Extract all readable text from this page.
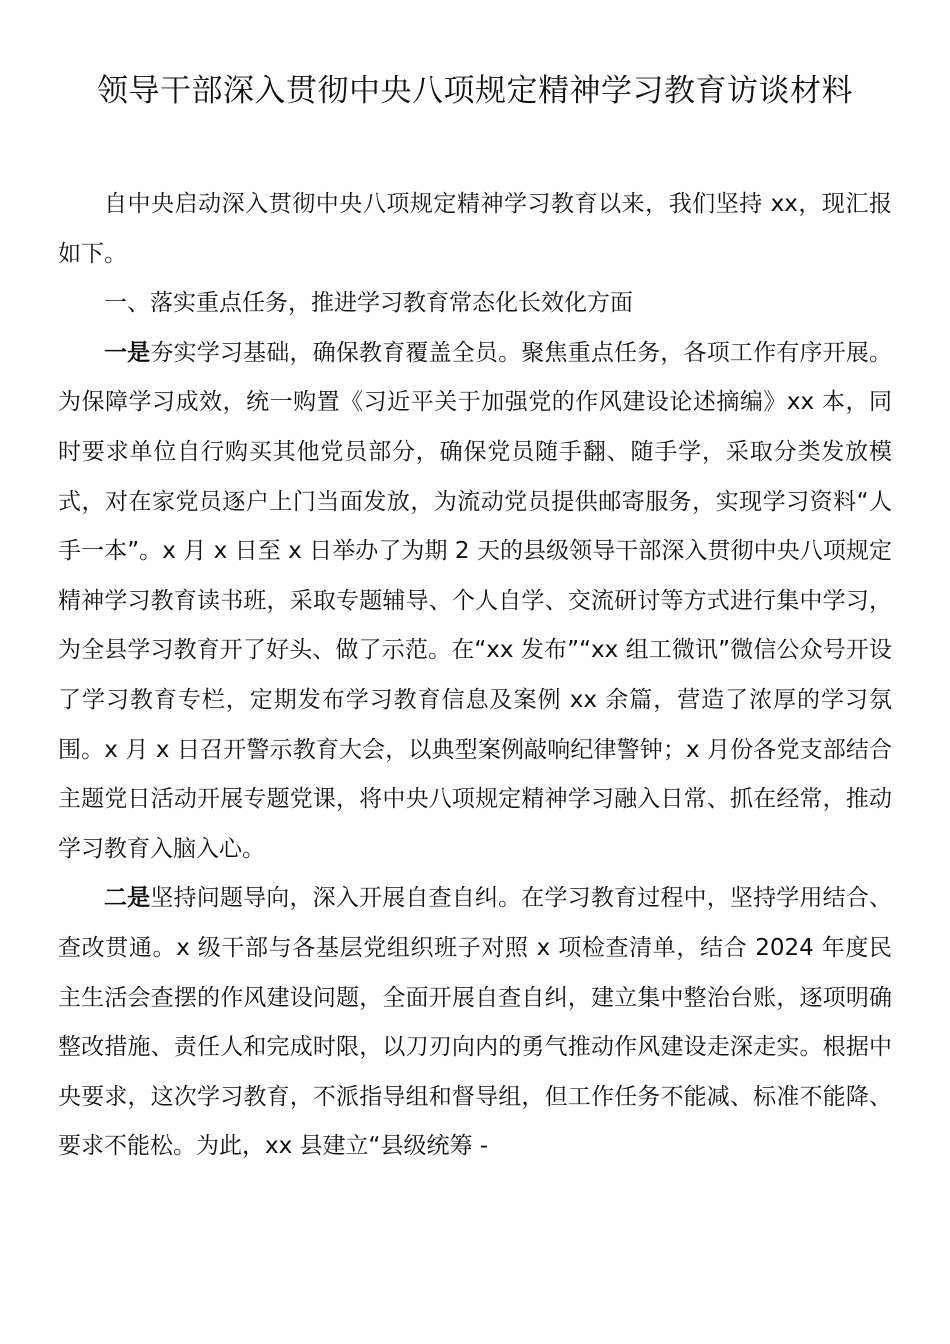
领导干部深入贯彻中央八项规定精神学习教育访谈材料

自中央启动深入贯彻中央八项规定精神学习教育以来，我们坚持 xx，现汇报如下。

一、落实重点任务，推进学习教育常态化长效化方面

一是夯实学习基础，确保教育覆盖全员。聚焦重点任务，各项工作有序开展。为保障学习成效，统一购置《习近平关于加强党的作风建设论述摘编》xx 本，同时要求单位自行购买其他党员部分，确保党员随手翻、随手学，采取分类发放模式，对在家党员逐户上门当面发放，为流动党员提供邮寄服务，实现学习资料“人手一本”。x 月 x 日至 x 日举办了为期 2 天的县级领导干部深入贯彻中央八项规定精神学习教育读书班，采取专题辅导、个人自学、交流研讨等方式进行集中学习，为全县学习教育开了好头、做了示范。在“xx 发布”“xx 组工微讯”微信公众号开设了学习教育专栏，定期发布学习教育信息及案例 xx 余篇，营造了浓厚的学习氛围。x 月 x 日召开警示教育大会，以典型案例敲响纪律警钟；x 月份各党支部结合主题党日活动开展专题党课，将中央八项规定精神学习融入日常、抓在经常，推动学习教育入脑入心。

二是坚持问题导向，深入开展自查自纠。在学习教育过程中，坚持学用结合、查改贯通。x 级干部与各基层党组织班子对照 x 项检查清单，结合 2024 年度民主生活会查摆的作风建设问题，全面开展自查自纠，建立集中整治台账，逐项明确整改措施、责任人和完成时限，以刀刃向内的勇气推动作风建设走深走实。根据中央要求，这次学习教育，不派指导组和督导组，但工作任务不能减、标准不能降、要求不能松。为此，xx 县建立“县级统筹 -
